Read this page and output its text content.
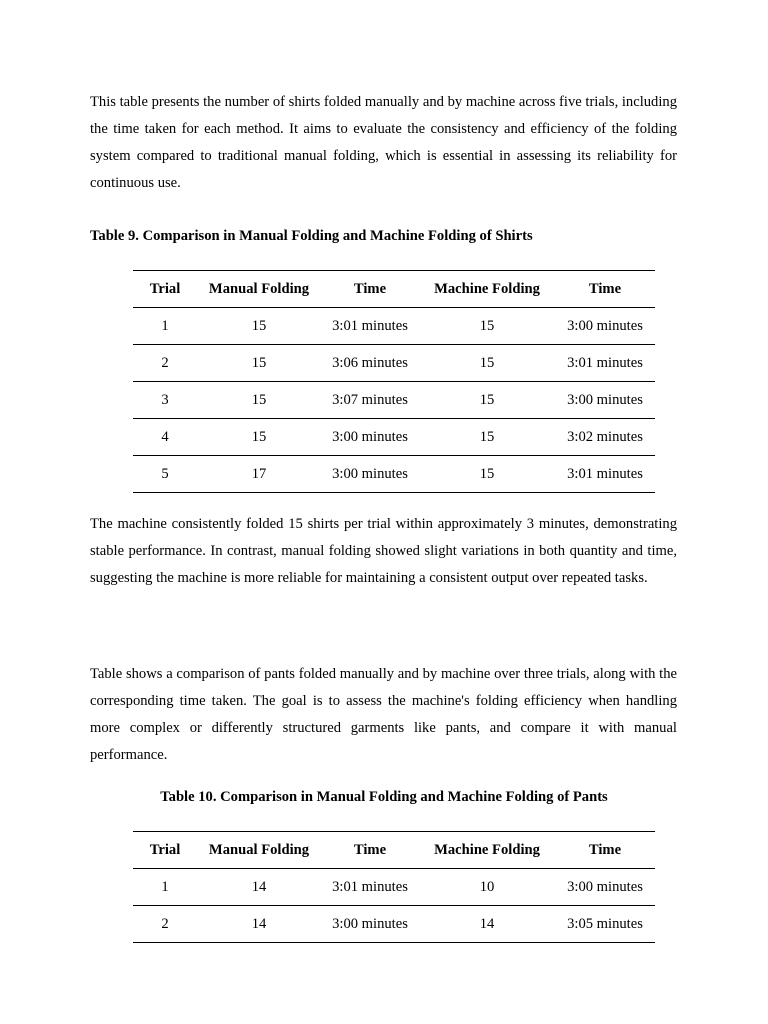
This table presents the number of shirts folded manually and by machine across five trials, including the time taken for each method. It aims to evaluate the consistency and efficiency of the folding system compared to traditional manual folding, which is essential in assessing its reliability for continuous use.

Table 9. Comparison in Manual Folding and Machine Folding of Shirts

Trial	Manual Folding	Time	Machine Folding	Time
1	15	3:01 minutes	15	3:00 minutes
2	15	3:06 minutes	15	3:01 minutes
3	15	3:07 minutes	15	3:00 minutes
4	15	3:00 minutes	15	3:02 minutes
5	17	3:00 minutes	15	3:01 minutes

The machine consistently folded 15 shirts per trial within approximately 3 minutes, demonstrating stable performance. In contrast, manual folding showed slight variations in both quantity and time, suggesting the machine is more reliable for maintaining a consistent output over repeated tasks.

Table shows a comparison of pants folded manually and by machine over three trials, along with the corresponding time taken. The goal is to assess the machine's folding efficiency when handling more complex or differently structured garments like pants, and compare it with manual performance.

Table 10. Comparison in Manual Folding and Machine Folding of Pants

Trial	Manual Folding	Time	Machine Folding	Time
1	14	3:01 minutes	10	3:00 minutes
2	14	3:00 minutes	14	3:05 minutes
